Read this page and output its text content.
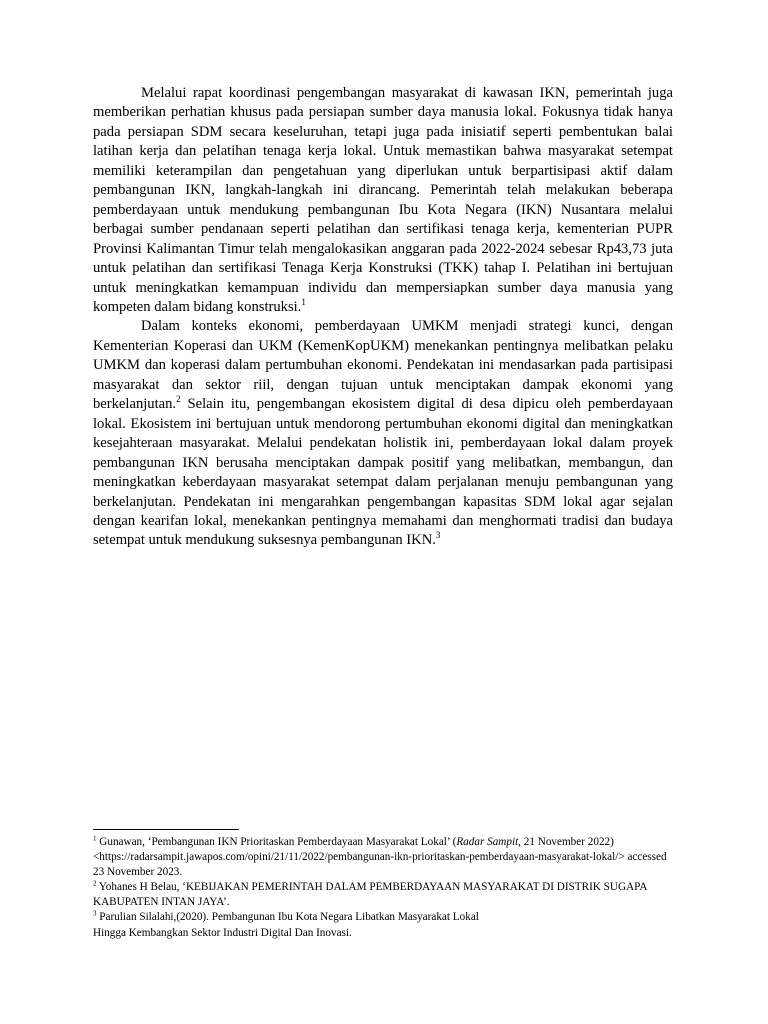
Melalui rapat koordinasi pengembangan masyarakat di kawasan IKN, pemerintah juga memberikan perhatian khusus pada persiapan sumber daya manusia lokal. Fokusnya tidak hanya pada persiapan SDM secara keseluruhan, tetapi juga pada inisiatif seperti pembentukan balai latihan kerja dan pelatihan tenaga kerja lokal. Untuk memastikan bahwa masyarakat setempat memiliki keterampilan dan pengetahuan yang diperlukan untuk berpartisipasi aktif dalam pembangunan IKN, langkah-langkah ini dirancang. Pemerintah telah melakukan beberapa pemberdayaan untuk mendukung pembangunan Ibu Kota Negara (IKN) Nusantara melalui berbagai sumber pendanaan seperti pelatihan dan sertifikasi tenaga kerja, kementerian PUPR Provinsi Kalimantan Timur telah mengalokasikan anggaran pada 2022-2024 sebesar Rp43,73 juta untuk pelatihan dan sertifikasi Tenaga Kerja Konstruksi (TKK) tahap I. Pelatihan ini bertujuan untuk meningkatkan kemampuan individu dan mempersiapkan sumber daya manusia yang kompeten dalam bidang konstruksi.$^1$

Dalam konteks ekonomi, pemberdayaan UMKM menjadi strategi kunci, dengan Kementerian Koperasi dan UKM (KemenKopUKM) menekankan pentingnya melibatkan pelaku UMKM dan koperasi dalam pertumbuhan ekonomi. Pendekatan ini mendasarkan pada partisipasi masyarakat dan sektor riil, dengan tujuan untuk menciptakan dampak ekonomi yang berkelanjutan.$^2$ Selain itu, pengembangan ekosistem digital di desa dipicu oleh pemberdayaan lokal. Ekosistem ini bertujuan untuk mendorong pertumbuhan ekonomi digital dan meningkatkan kesejahteraan masyarakat. Melalui pendekatan holistik ini, pemberdayaan lokal dalam proyek pembangunan IKN berusaha menciptakan dampak positif yang melibatkan, membangun, dan meningkatkan keberdayaan masyarakat setempat dalam perjalanan menuju pembangunan yang berkelanjutan. Pendekatan ini mengarahkan pengembangan kapasitas SDM lokal agar sejalan dengan kearifan lokal, menekankan pentingnya memahami dan menghormati tradisi dan budaya setempat untuk mendukung suksesnya pembangunan IKN.$^3$

$^1$ Gunawan, ‘Pembangunan IKN Prioritaskan Pemberdayaan Masyarakat Lokal’ (Radar Sampit, 21 November 2022) <https://radarsampit.jawapos.com/opini/21/11/2022/pembangunan-ikn-prioritaskan-pemberdayaan-masyarakat-lokal/> accessed 23 November 2023.

$^2$ Yohanes H Belau, ‘KEBIJAKAN PEMERINTAH DALAM PEMBERDAYAAN MASYARAKAT DI DISTRIK SUGAPA KABUPATEN INTAN JAYA’.

$^3$ Parulian Silalahi,(2020). Pembangunan Ibu Kota Negara Libatkan Masyarakat Lokal
Hingga Kembangkan Sektor Industri Digital Dan Inovasi.
